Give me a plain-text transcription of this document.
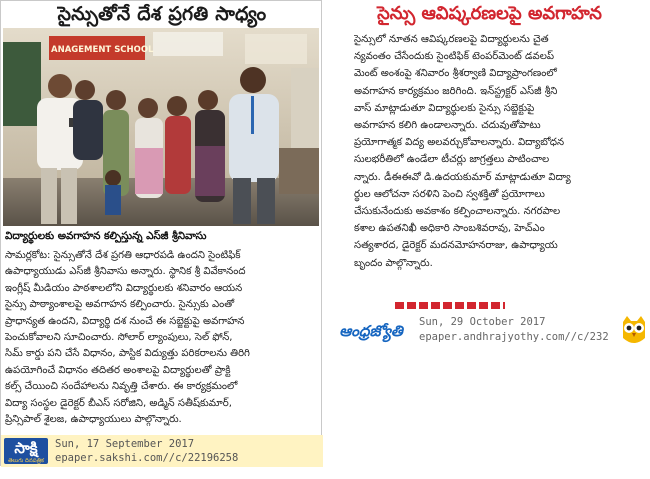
సైన్సుతోనే దేశ ప్రగతి సాధ్యం
ANAGEMENT SCHOOL
విద్యార్థులకు అవగాహన కల్పిస్తున్న ఎస్‌జీ శ్రీనివాసు

సామర్లకోట: సైన్సుతోనే దేశ ప్రగతి ఆధారపడి ఉందని సైంటిఫిక్

ఉపాధ్యాయుడు ఎస్‌జీ శ్రీనివాసు అన్నారు. స్థానిక శ్రీ వివేకానంద

ఇంగ్లీష్ మీడియం పాఠశాలలోని విద్యార్థులకు శనివారం ఆయన

సైన్సు పాఠ్యాంశాలపై అవగాహన కల్పించారు. సైన్సుకు ఎంతో

ప్రాధాన్యత ఉందని, విద్యార్థి దశ నుంచే ఈ సబ్జెక్టుపై అవగాహన

పెంచుకోవాలని సూచించారు. సోలార్ ల్యాంపులు, సెల్ ఫోన్,

సిమ్ కార్డు పని చేసే విధానం, పాస్టిక విద్యుత్తు పరికరాలను తిరిగి

ఉపయోగించే విధానం తదితర అంశాలపై విద్యార్థులతో ప్రాక్టి

కల్స్ చేయించి సందేహాలను నివృత్తి చేశారు. ఈ కార్యక్రమంలో

విద్యా సంస్థల డైరెక్టర్ బీఎస్ సరోజిని, అడ్మిన్ సతీష్‌కుమార్,

ప్రిన్సిపాల్ శైలజ, ఉపాధ్యాయులు పాల్గొన్నారు.

సాక్షి
తెలుగు దినపత్రిక
Sun, 17 September 2017
epaper.sakshi.com//c/22196258
సైన్సు ఆవిష్కరణలపై అవగాహన

సైన్సులో నూతన ఆవిష్కరణలపై విద్యార్థులను చైత

న్యవంతం చేసేందుకు సైంటిఫిక్ టెంపర్‌మెంట్ డవలప్

మెంట్ అంశంపై శనివారం శ్రీశర్వాణి విద్యాప్రాంగణంలో

అవగాహన కార్యక్రమం జరిగింది. ఇన్‌స్ట్రక్టర్ ఎస్‌జీ శ్రీని

వాస్ మాట్లాడుతూ విద్యార్థులకు సైన్సు సబ్జెక్టుపై

అవగాహన కలిగి ఉండాలన్నారు. చదువుతోపాటు

ప్రయోగాత్మక విద్య అలవర్చుకోవాలన్నారు. విద్యాబోధన

సులభరీతిలో ఉండేలా టీచర్లు జాగ్రత్తలు పాటించాల

న్నారు. డీఈఈవో డి.ఉదయకుమార్ మాట్లాడుతూ విద్యా

ర్థుల ఆలోచనా సరళిని పెంచి స్వశక్తితో ప్రయోగాలు

చేసుకునేందుకు అవకాశం కల్పించాలన్నారు. నగరపాల

కశాల ఉపతనిఖీ అధికారి సాంబశివరావు, హెచ్‌ఎం

సత్యశారద, డైరెక్టర్ మదనమోహనరాజు, ఉపాధ్యాయ

బృందం పాల్గొన్నారు.

ఆంధ్రజ్యోతి	Sun, 29 October 2017
epaper.andhrajyothy.com//c/232
